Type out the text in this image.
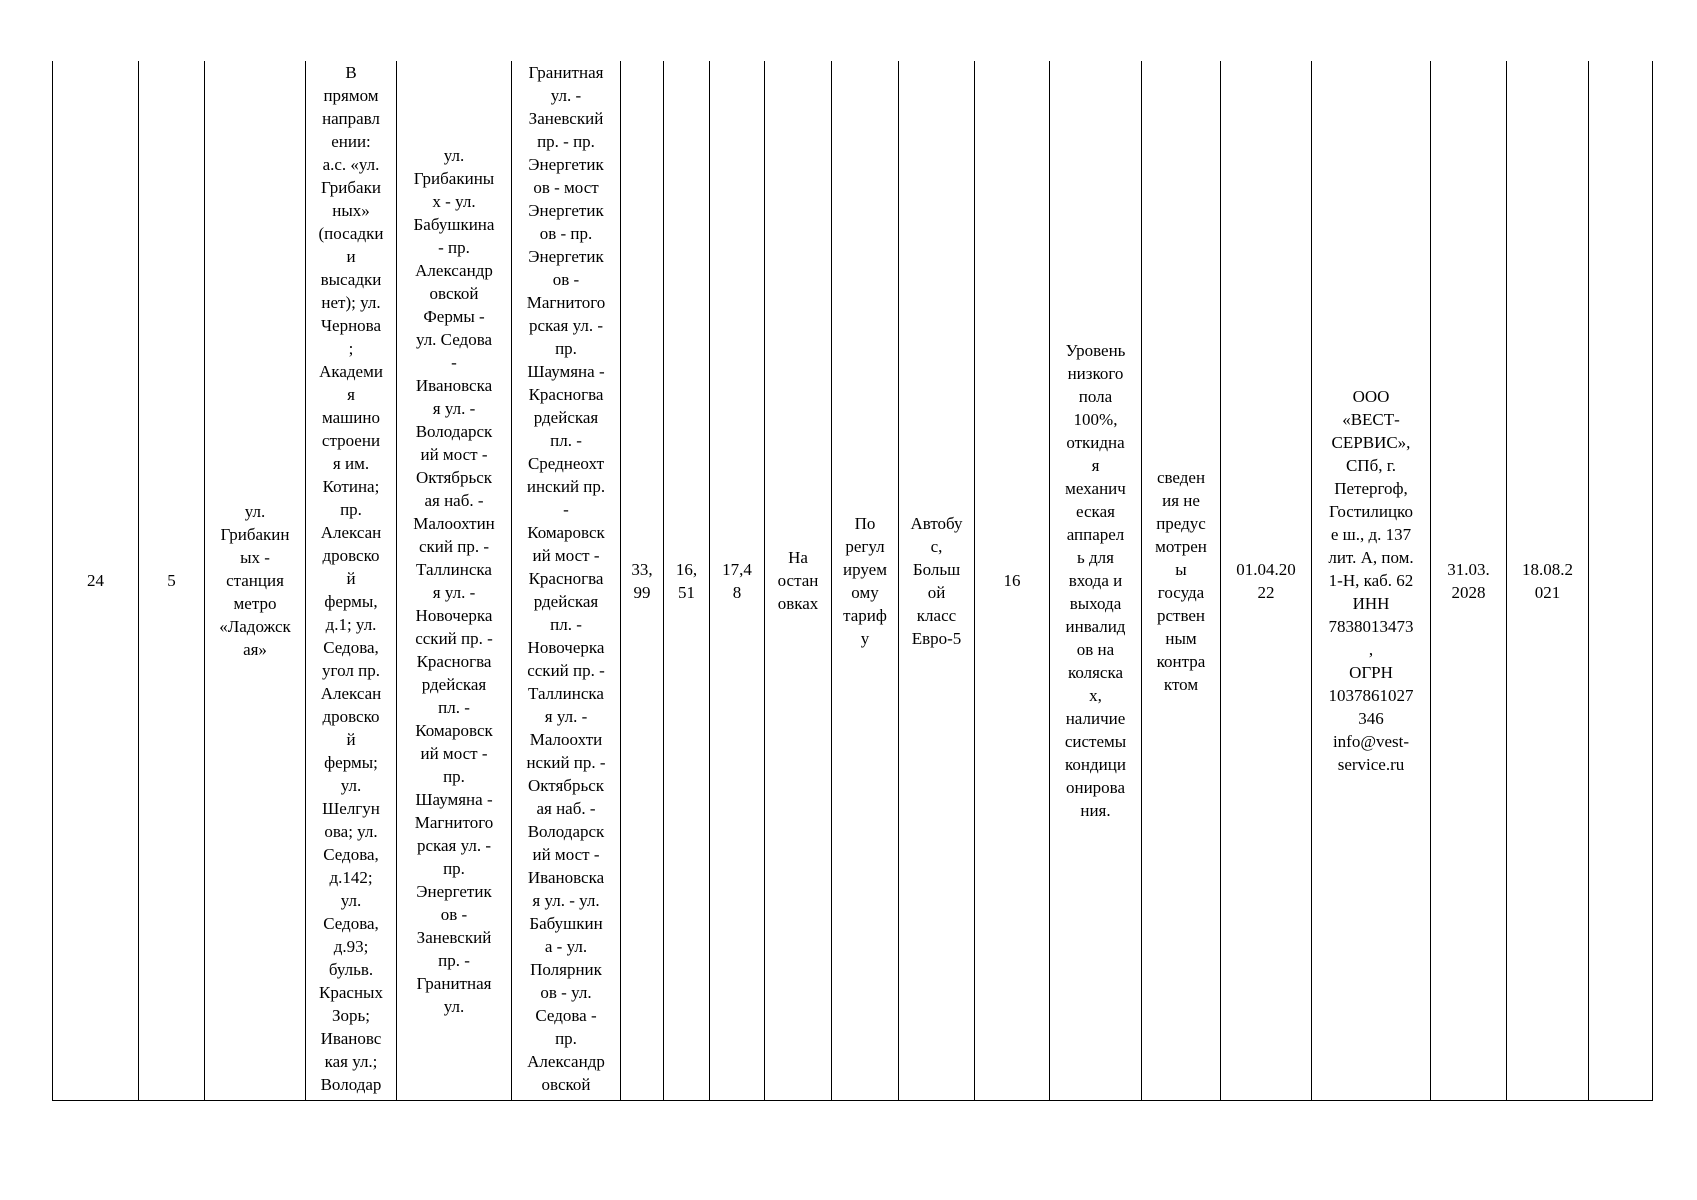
24	5	ул.
Грибакин
ых -
станция
метро
«Ладожск
ая»	В
прямом
направл
ении:
а.с. «ул.
Грибаки
ных»
(посадки
и
высадки
нет); ул.
Чернова
;
Академи
я
машино
строени
я им.
Котина;
пр.
Алексан
дровско
й
фермы,
д.1; ул.
Седова,
угол пр.
Алексан
дровско
й
фермы;
ул.
Шелгун
ова; ул.
Седова,
д.142;
ул.
Седова,
д.93;
бульв.
Красных
Зорь;
Ивановс
кая ул.;
Володар	ул.
Грибакины
х - ул.
Бабушкина
- пр.
Александр
овской
Фермы -
ул. Седова
-
Ивановска
я ул. -
Володарск
ий мост -
Октябрьск
ая наб. -
Малоохтин
ский пр. -
Таллинска
я ул. -
Новочерка
сский пр. -
Красногва
рдейская
пл. -
Комаровск
ий мост -
пр.
Шаумяна -
Магнитого
рская ул. -
пр.
Энергетик
ов -
Заневский
пр. -
Гранитная
ул.	Гранитная
ул. -
Заневский
пр. - пр.
Энергетик
ов - мост
Энергетик
ов - пр.
Энергетик
ов -
Магнитого
рская ул. -
пр.
Шаумяна -
Красногва
рдейская
пл. -
Среднеохт
инский пр.
-
Комаровск
ий мост -
Красногва
рдейская
пл. -
Новочерка
сский пр. -
Таллинска
я ул. -
Малоохти
нский пр. -
Октябрьск
ая наб. -
Володарск
ий мост -
Ивановска
я ул. - ул.
Бабушкин
а - ул.
Полярник
ов - ул.
Седова -
пр.
Александр
овской	33,
99	16,
51	17,4
8	На
остан
овках	По
регул
ируем
ому
тариф
у	Автобу
с,
Больш
ой
класс
Евро-5	16	Уровень
низкого
пола
100%,
откидна
я
механич
еская
аппарел
ь для
входа и
выхода
инвалид
ов на
коляска
х,
наличие
системы
кондици
онирова
ния.	сведен
ия не
предус
мотрен
ы
госуда
рствен
ным
контра
ктом	01.04.20
22	ООО
«ВЕСТ-
СЕРВИС»,
СПб, г.
Петергоф,
Гостилицко
е ш., д. 137
лит. А, пом.
1-Н, каб. 62
ИНН
7838013473
,
ОГРН
1037861027
346
info@vest-
service.ru	31.03.
2028	18.08.2
021	
